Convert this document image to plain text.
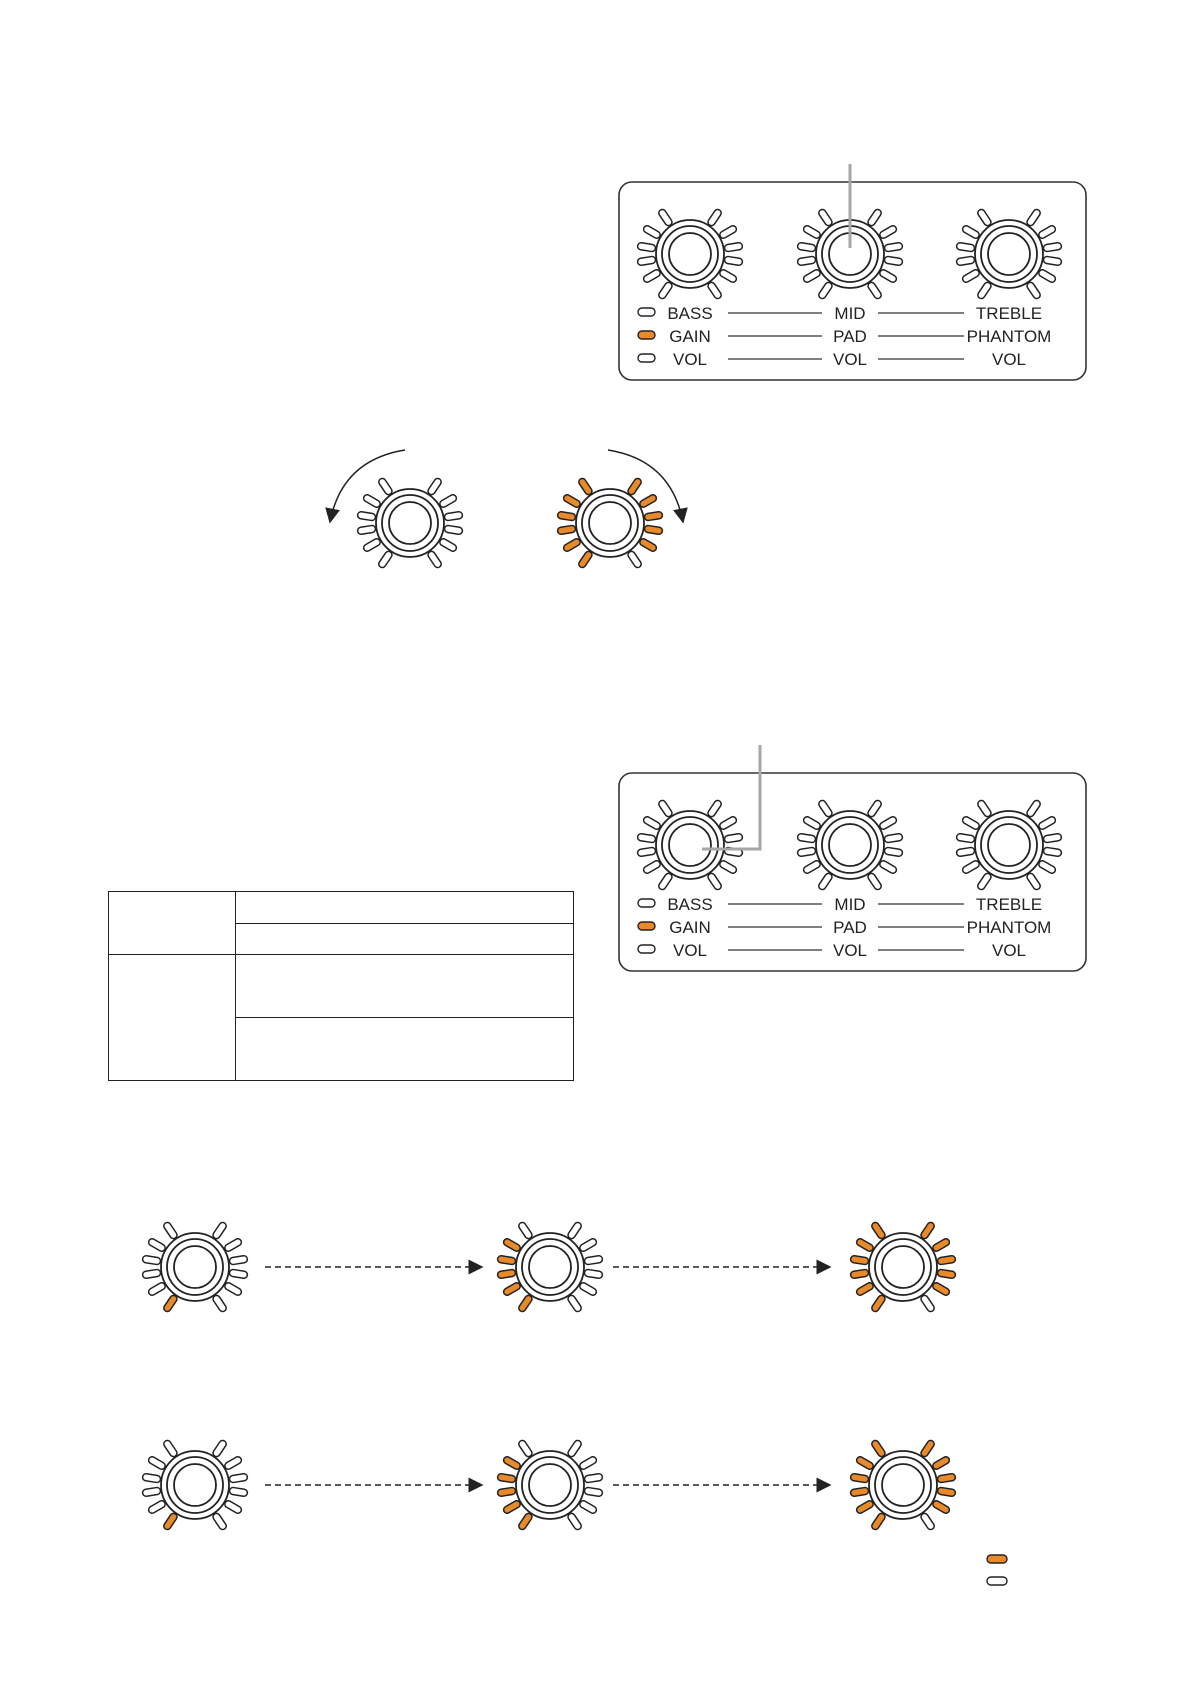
BASS	MID	TREBLE
GAIN	PAD	PHANTOM
VOL	VOL	VOL
BASS	MID	TREBLE
GAIN	PAD	PHANTOM
VOL	VOL	VOL
